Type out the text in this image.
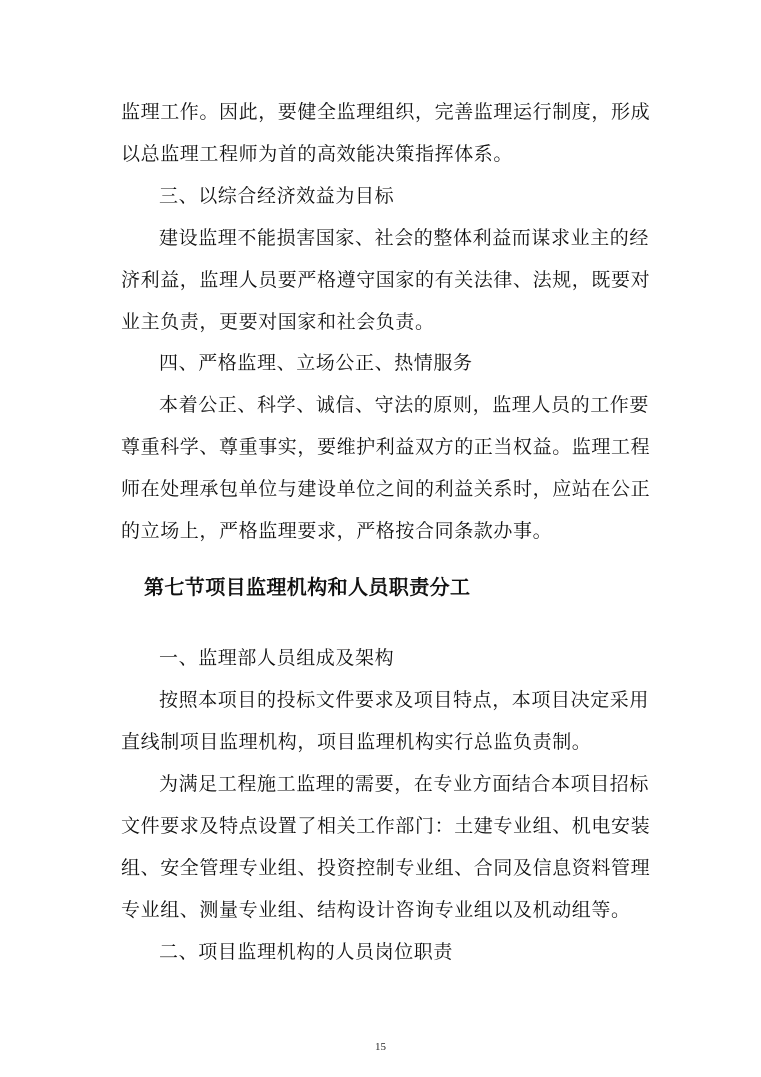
监理工作。因此，要健全监理组织，完善监理运行制度，形成
以总监理工程师为首的高效能决策指挥体系。
三、以综合经济效益为目标
建设监理不能损害国家、社会的整体利益而谋求业主的经
济利益，监理人员要严格遵守国家的有关法律、法规，既要对
业主负责，更要对国家和社会负责。
四、严格监理、立场公正、热情服务
本着公正、科学、诚信、守法的原则，监理人员的工作要
尊重科学、尊重事实，要维护利益双方的正当权益。监理工程
师在处理承包单位与建设单位之间的利益关系时，应站在公正
的立场上，严格监理要求，严格按合同条款办事。
第七节项目监理机构和人员职责分工
一、监理部人员组成及架构
按照本项目的投标文件要求及项目特点，本项目决定采用
直线制项目监理机构，项目监理机构实行总监负责制。
为满足工程施工监理的需要，在专业方面结合本项目招标
文件要求及特点设置了相关工作部门：土建专业组、机电安装
组、安全管理专业组、投资控制专业组、合同及信息资料管理
专业组、测量专业组、结构设计咨询专业组以及机动组等。
二、项目监理机构的人员岗位职责
15
